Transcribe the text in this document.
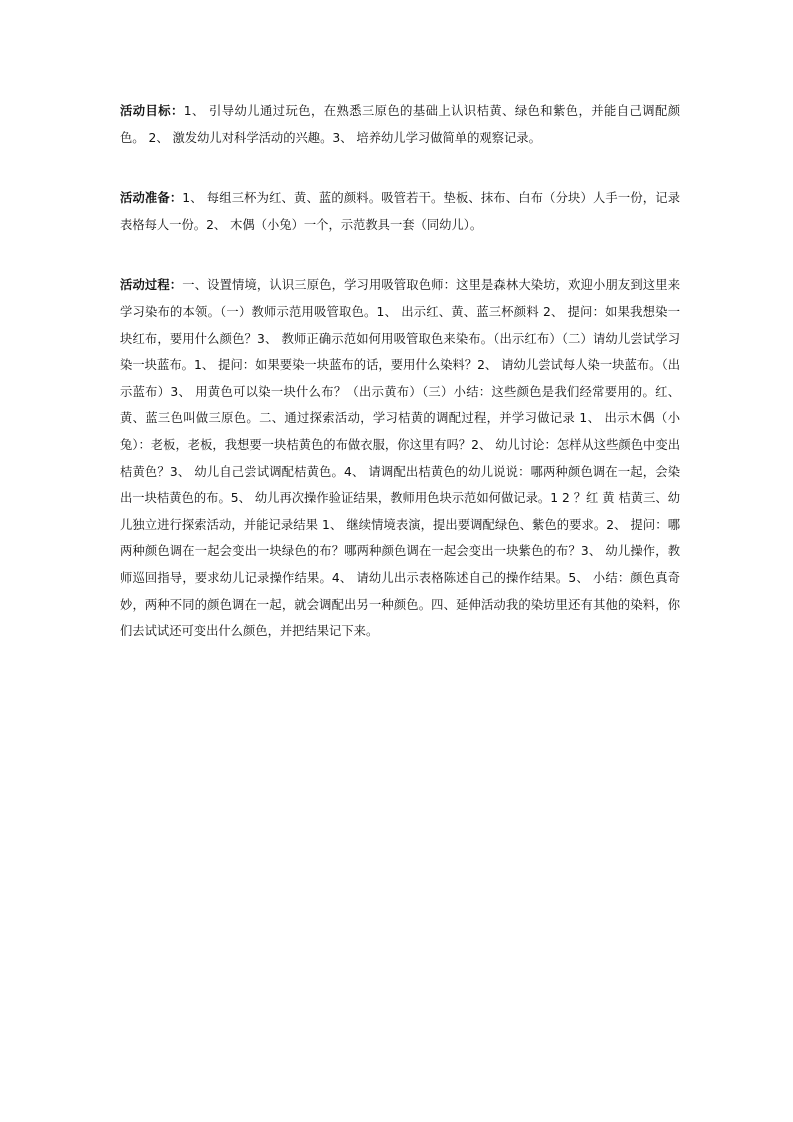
活动目标：1、 引导幼儿通过玩色，在熟悉三原色的基础上认识桔黄、绿色和紫色，并能自己调配颜色。 2、 激发幼儿对科学活动的兴趣。3、 培养幼儿学习做简单的观察记录。

活动准备：1、 每组三杯为红、黄、蓝的颜料。吸管若干。垫板、抹布、白布（分块）人手一份，记录表格每人一份。2、 木偶（小兔）一个，示范教具一套（同幼儿）。

活动过程：一、设置情境，认识三原色，学习用吸管取色师：这里是森林大染坊，欢迎小朋友到这里来学习染布的本领。（一）教师示范用吸管取色。1、 出示红、黄、蓝三杯颜料 2、 提问：如果我想染一块红布，要用什么颜色？3、 教师正确示范如何用吸管取色来染布。（出示红布）（二）请幼儿尝试学习染一块蓝布。1、 提问：如果要染一块蓝布的话，要用什么染料？2、 请幼儿尝试每人染一块蓝布。（出示蓝布）3、 用黄色可以染一块什么布？（出示黄布）（三）小结：这些颜色是我们经常要用的。红、黄、蓝三色叫做三原色。二、通过探索活动，学习桔黄的调配过程，并学习做记录 1、 出示木偶（小兔）：老板，老板，我想要一块桔黄色的布做衣服，你这里有吗？2、 幼儿讨论：怎样从这些颜色中变出桔黄色？3、 幼儿自己尝试调配桔黄色。4、 请调配出桔黄色的幼儿说说：哪两种颜色调在一起，会染出一块桔黄色的布。5、 幼儿再次操作验证结果，教师用色块示范如何做记录。1 2 ？红 黄 桔黄三、幼儿独立进行探索活动，并能记录结果 1、 继续情境表演，提出要调配绿色、紫色的要求。2、 提问：哪两种颜色调在一起会变出一块绿色的布？哪两种颜色调在一起会变出一块紫色的布？3、 幼儿操作，教师巡回指导，要求幼儿记录操作结果。4、 请幼儿出示表格陈述自己的操作结果。5、 小结：颜色真奇妙，两种不同的颜色调在一起，就会调配出另一种颜色。四、延伸活动我的染坊里还有其他的染料，你们去试试还可变出什么颜色，并把结果记下来。
